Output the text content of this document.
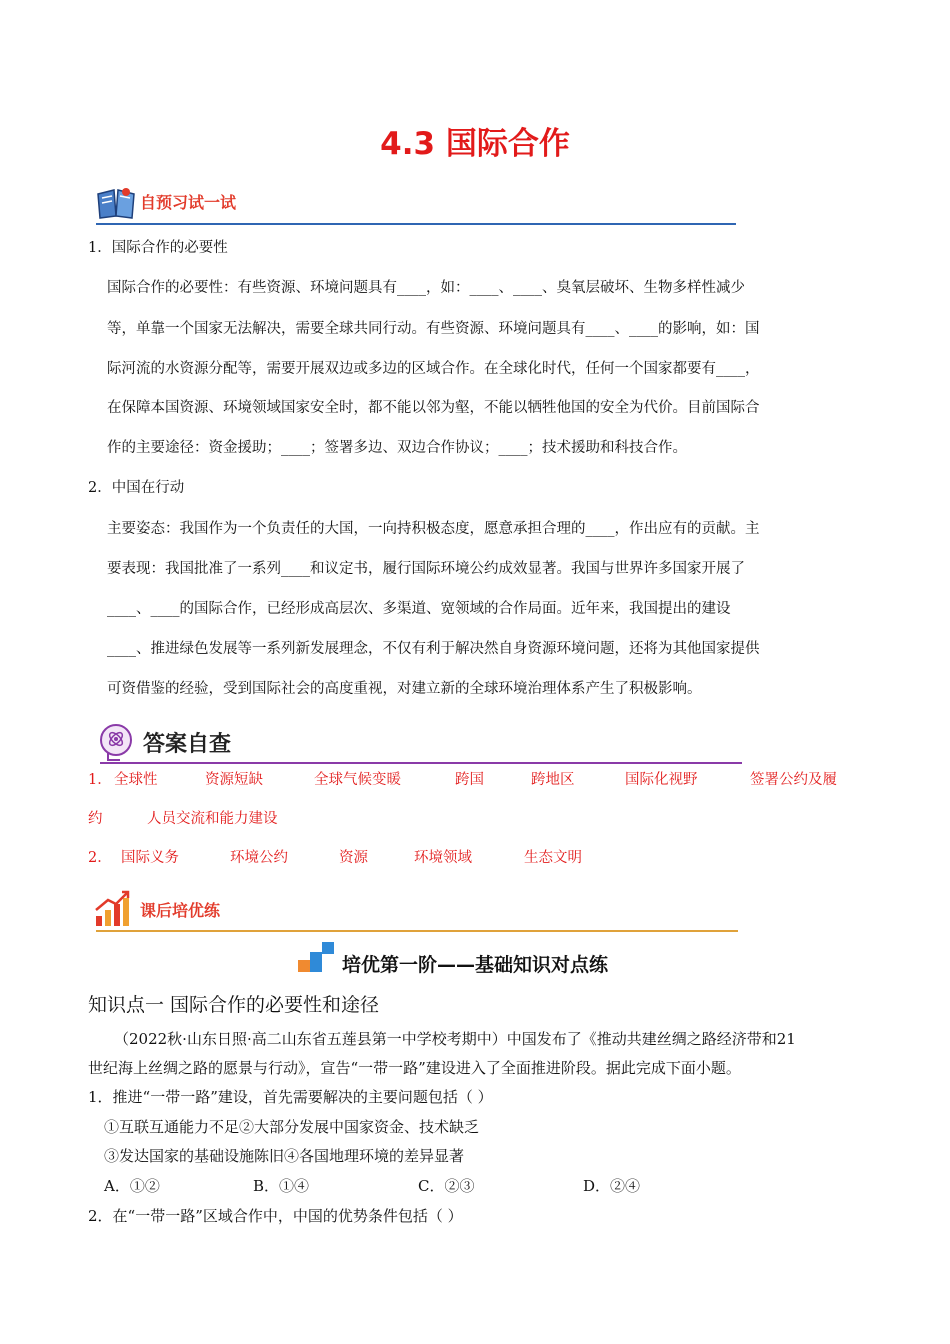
4.3 国际合作
自预习试一试
1．国际合作的必要性
国际合作的必要性：有些资源、环境问题具有____，如：____、____、臭氧层破坏、生物多样性减少
等，单靠一个国家无法解决，需要全球共同行动。有些资源、环境问题具有____、____的影响，如：国
际河流的水资源分配等，需要开展双边或多边的区域合作。在全球化时代，任何一个国家都要有____，
在保障本国资源、环境领域国家安全时，都不能以邻为壑，不能以牺牲他国的安全为代价。目前国际合
作的主要途径：资金援助；____；签署多边、双边合作协议；____；技术援助和科技合作。
2．中国在行动
主要姿态：我国作为一个负责任的大国，一向持积极态度，愿意承担合理的____，作出应有的贡献。主
要表现：我国批准了一系列____和议定书，履行国际环境公约成效显著。我国与世界许多国家开展了
____、____的国际合作，已经形成高层次、多渠道、宽领域的合作局面。近年来，我国提出的建设
____、推进绿色发展等一系列新发展理念，不仅有利于解决然自身资源环境问题，还将为其他国家提供
可资借鉴的经验，受到国际社会的高度重视，对建立新的全球环境治理体系产生了积极影响。
答案自查
1． 全球性	资源短缺	全球气候变暖	跨国	跨地区	国际化视野	签署公约及履
约	人员交流和能力建设
2． 国际义务	环境公约	资源	环境领域	生态文明
课后培优练
培优第一阶——基础知识对点练
知识点一 国际合作的必要性和途径
（2022秋·山东日照·高二山东省五莲县第一中学校考期中）中国发布了《推动共建丝绸之路经济带和21
世纪海上丝绸之路的愿景与行动》，宣告“一带一路”建设进入了全面推进阶段。据此完成下面小题。
1．推进“一带一路”建设，首先需要解决的主要问题包括（ ）
①互联互通能力不足②大部分发展中国家资金、技术缺乏
③发达国家的基础设施陈旧④各国地理环境的差异显著
A．①②	B．①④	C．②③	D．②④
2．在“一带一路”区域合作中，中国的优势条件包括（ ）
